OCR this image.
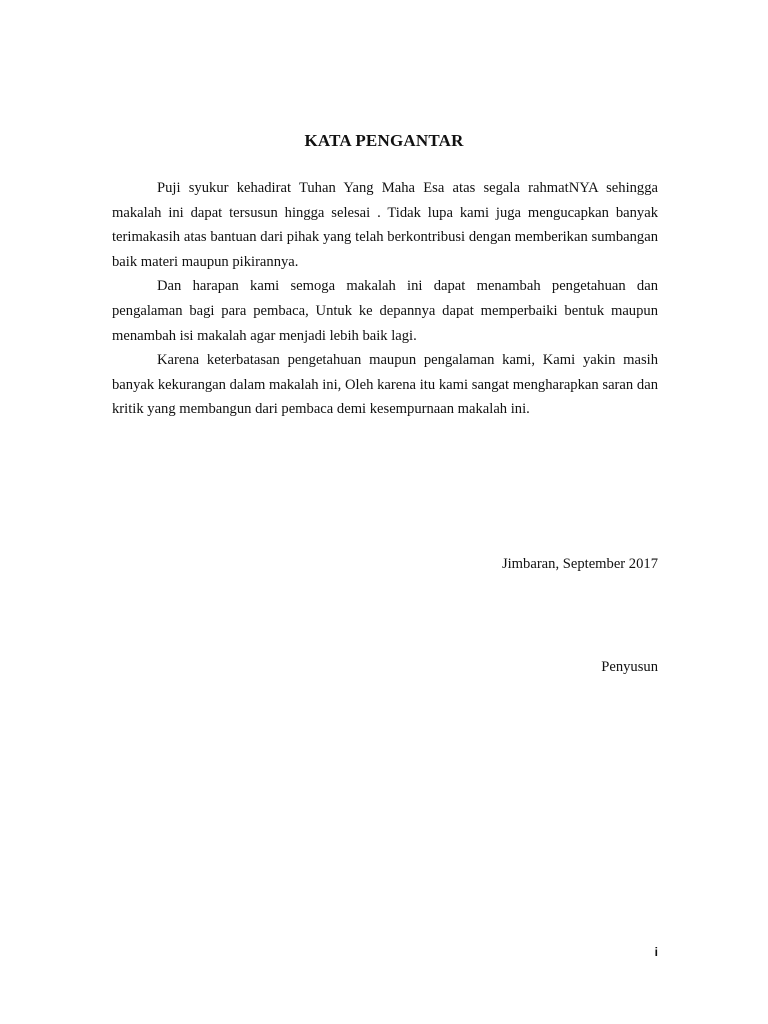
KATA PENGANTAR

Puji syukur kehadirat Tuhan Yang Maha Esa atas segala rahmatNYA sehingga makalah ini dapat tersusun hingga selesai . Tidak lupa kami juga mengucapkan banyak terimakasih atas bantuan dari pihak yang telah berkontribusi dengan memberikan sumbangan baik materi maupun pikirannya.

Dan harapan kami semoga makalah ini dapat menambah pengetahuan dan pengalaman bagi para pembaca, Untuk ke depannya dapat memperbaiki bentuk maupun menambah isi makalah agar menjadi lebih baik lagi.

Karena keterbatasan pengetahuan maupun pengalaman kami, Kami yakin masih banyak kekurangan dalam makalah ini, Oleh karena itu kami sangat mengharapkan saran dan kritik yang membangun dari pembaca demi kesempurnaan makalah ini.

Jimbaran, September 2017
Penyusun
i
